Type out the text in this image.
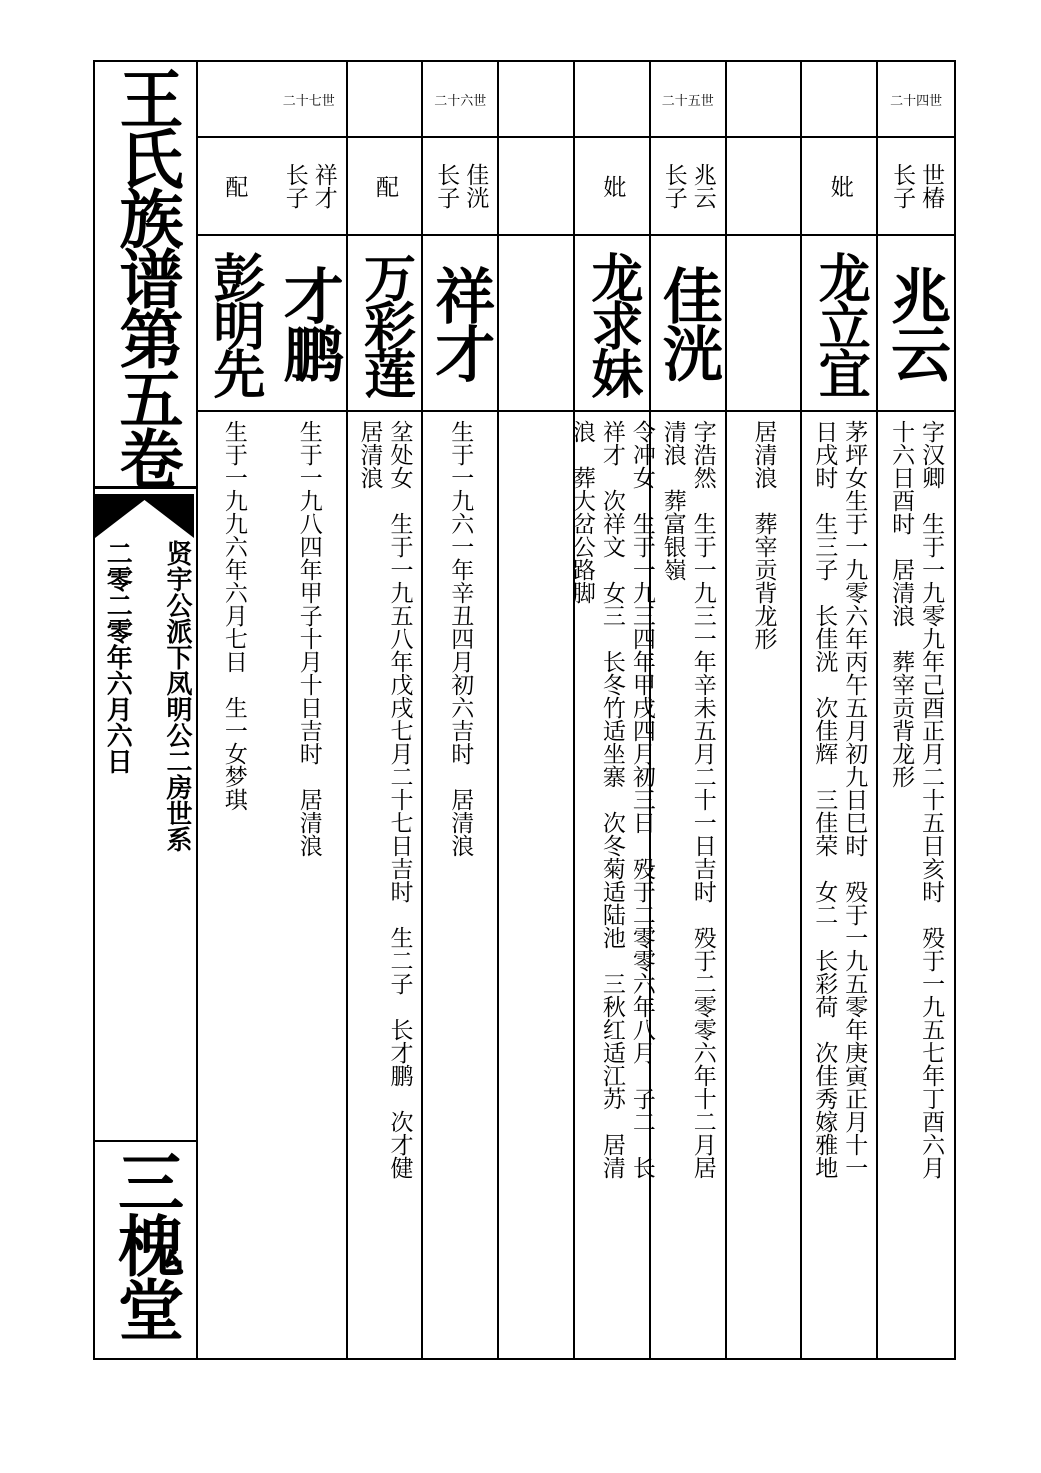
王氏族谱第五卷
贤宇公派下凤明公二房世系
二零二零年六月六日
三槐堂
二十四世
世椿
长子
兆云
字汉卿　生于一九零九年己酉正月二十五日亥时　殁于一九五七年丁酉六月
十六日酉时　居清浪　葬宰贡背龙形
妣
龙立宜
茅坪女生于一九零六年丙午五月初九日巳时　殁于一九五零年庚寅正月十一
日戌时　生三子　长佳洸　次佳辉　三佳荣　女二　长彩荷　次佳秀嫁雅地
居清浪　葬宰贡背龙形
二十五世
兆云
长子
佳洸
字浩然　生于一九三一年辛未五月二十一日吉时　殁于二零零六年十二月居
清浪　葬富银嶺
妣
龙求妹
令冲女　生于一九三四年甲戌四月初三日　殁于二零零六年八月　子二　长
祥才　次祥文　女三　长冬竹适坐寨　次冬菊适陆池　三秋红适江苏　居清
浪　葬大岔公路脚
二十六世
佳洸
长子
祥才
生于一九六一年辛丑四月初六吉时　居清浪
配
万彩莲
坌处女　生于一九五八年戊戌七月二十七日吉时　生二子　长才鹏　次才健
居清浪
二十七世
祥才
长子
才鹏
生于一九八四年甲子十月十日吉时　居清浪
配
彭明先
生于一九九六年六月七日　生一女梦琪
